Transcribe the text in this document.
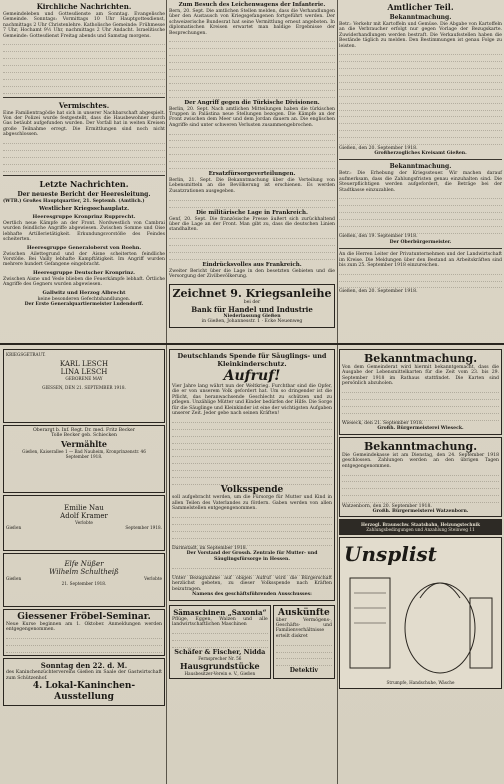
Kirchliche Nachrichten.
Gemeindeleben und Gottesdienste am Sonntag. Evangelische Gemeinde. Sonntags: Vormittags 10 Uhr Hauptgottesdienst, nachmittags 2 Uhr Christenlehre. Katholische Gemeinde: Frühmesse 7 Uhr, Hochamt 9½ Uhr, nachmittags 2 Uhr Andacht. Israelitische Gemeinde: Gottesdienst Freitag abends und Samstag morgens.
Vermischtes.
Eine Familientragödie hat sich in unserer Nachbarschaft abgespielt. Von der Polizei wurde festgestellt, dass die Hausbewohner durch Gas betäubt aufgefunden wurden. Der Vorfall hat in weiten Kreisen große Teilnahme erregt. Die Ermittlungen sind noch nicht abgeschlossen.
Letzte Nachrichten.
Der neueste Bericht der Heeresleitung.
(WTB.) Großes Hauptquartier, 21. Septemb. (Amtlich.)
Westlicher Kriegsschauplatz.
Heeresgruppe Kronprinz Rupprecht.
Oertlich neue Kämpfe an der Front. Nordwestlich von Cambrai wurden feindliche Angriffe abgewiesen. Zwischen Somme und Oise lebhafte Artillerietätigkeit. Erkundungsvorstöße des Feindes scheiterten.
Heeresgruppe Generaloberst von Boehn.
Zwischen Ailettegrund und der Aisne scheiterten feindliche Vorstöße. Bei Vailly lebhafte Kampftätigkeit. Im Angriff wurden mehrere hundert Gefangene eingebracht.
Heeresgruppe Deutscher Kronprinz.
Zwischen Aisne und Vesle blieben die Feuerkämpfe lebhaft. Örtliche Angriffe des Gegners wurden abgewiesen.
Gallwitz und Herzog Albrecht
keine besonderen Gefechtshandlungen.
Der Erste Generalquartiermeister Ludendorff.
Zum Besuch des Leichenwagens der Infanterie.
Bern, 20. Sept. Die amtlichen Stellen melden, dass die Verhandlungen über den Austausch von Kriegsgefangenen fortgeführt werden. Der schweizerische Bundesrat hat seine Vermittlung erneut angeboten. In diplomatischen Kreisen erwartet man baldige Ergebnisse der Besprechungen.
Der Angriff gegen die Türkische Divisionen.
Berlin, 20. Sept. Nach amtlichen Mitteilungen haben die türkischen Truppen in Palästina neue Stellungen bezogen. Die Kämpfe an der Front zwischen dem Meer und dem Jordan dauern an. Die englischen Angriffe sind unter schweren Verlusten zusammengebrochen.
Ersatzfürsorgeverteilungen.
Berlin, 21. Sept. Die Bekanntmachung über die Verteilung von Lebensmitteln an die Bevölkerung ist erschienen. Es werden Zusatzrationen ausgegeben.
Die militärische Lage in Frankreich.
Genf, 20. Sept. Die französische Presse äußert sich zurückhaltend über die Lage an der Front. Man gibt zu, dass die deutschen Linien standhalten.
Eindrücksvolles aus Frankreich.
Zweiter Bericht über die Lage in den besetzten Gebieten und die Versorgung der Zivilbevölkerung.
Zeichnet 9. Kriegsanleihe
bei der
Bank für Handel und Industrie
Niederlassung Gießen
in Gießen, Johannesstr. 1 · Ecke Neuenweg
Amtlicher Teil.
Bekanntmachung.
Betr.: Verkehr mit Kartoffeln und Gemüse. Die Abgabe von Kartoffeln an die Verbraucher erfolgt nur gegen Vorlage der Bezugskarte. Zuwiderhandlungen werden bestraft. Die Verkaufsstellen haben die Bestände täglich zu melden. Den Bestimmungen ist genau Folge zu leisten.
Gießen, den 20. September 1918.
Großherzogliches Kreisamt Gießen.
Bekanntmachung.
Betr.: Die Erhebung der Kriegssteuer. Wir machen darauf aufmerksam, dass die Zahlungsfristen genau einzuhalten sind. Die Steuerpflichtigen werden aufgefordert, die Beträge bei der Stadtkasse einzuzahlen.
Gießen, den 19. September 1918.
Der Oberbürgermeister.
An die Herren Leiter der Privatunternehmen und der Landwirtschaft im Kreise. Die Meldungen über den Bestand an Arbeitskräften sind bis zum 25. September 1918 einzureichen.
Gießen, den 20. September 1918.
KRIEGSGETRAUT.
KARL LESCH
LINA LESCH
GEBORENE MAY
GIESSEN, DEN 21. SEPTEMBER 1918.
Oberargt b. Inf. Regt. Dr. med. Fritz Becker
Tolle Becker geb. Schiecken
Vermählte
Gießen, Kaiserallee 1 — Bad Nauheim, Kronprinzenstr. 46
September 1918.
Emilie Nau
Adolf Kramer
Verlobte
Gießen	September 1918.
Elfe Nüßer
Wilhelm Schultheiß
Gießen	Verlobte
21. September 1918.
Giessener Fröbel-Seminar.
Neue Kurse beginnen am 1. Oktober. Anmeldungen werden entgegengenommen.
Sonntag den 22. d. M.
des Kaninchenzüchtervereins Gießen im Saale der Gastwirtschaft zum Schützenhof.
4. Lokal-Kaninchen-Ausstellung
Deutschlands Spende für Säuglings- und Kleinkinderschutz.
Aufruf!
Vier Jahre lang währt nun der Weltkrieg. Furchtbar sind die Opfer, die er von unserem Volk gefordert hat. Um so dringender ist die Pflicht, das heranwachsende Geschlecht zu schützen und zu pflegen. Unzählige Mütter und Kinder bedürfen der Hilfe. Die Sorge für die Säuglinge und Kleinkinder ist eine der wichtigsten Aufgaben unserer Zeit. Jeder gebe nach seinen Kräften!
Volksspende
soll aufgebracht werden, um die Fürsorge für Mutter und Kind in allen Teilen des Vaterlandes zu fördern. Gaben werden von allen Sammelstellen entgegengenommen.
Darmstadt, im September 1918.
Der Vorstand der Grossh. Zentrale für Mutter- und Säuglingsfürsorge in Hessen.
Unter Bezugnahme auf obigen Aufruf wird die Bürgerschaft herzlichst gebeten, zu dieser Volksspende nach Kräften beizutragen.
Namens des geschäftsführenden Ausschusses:
Sämaschinen „Saxonia“
Pflüge, Eggen, Walzen und alle landwirtschaftlichen Maschinen
Schäfer & Fischer, Nidda
Fernsprecher Nr. 56
Hausgrundstücke
Hausbesitzer-Verein e. V., Gießen
Auskünfte
über Vermögens-, Geschäfts- und Familienverhältnisse erteilt diskret
Detektiv
Bekanntmachung.
Von dem Gemeinderat wird hiermit bekanntgemacht, dass die Ausgabe der Lebensmittelkarten für die Zeit vom 23. bis 29. September 1918 im Rathaus stattfindet. Die Karten sind persönlich abzuholen.
Wieseck, den 21. September 1918.
Großh. Bürgermeisterei Wieseck.
Bekanntmachung.
Die Gemeindekasse ist am Dienstag, den 24. September 1918 geschlossen. Zahlungen werden an den übrigen Tagen entgegengenommen.
Watzenborn, den 20. September 1918.
Großh. Bürgermeisterei Watzenborn.
Herzogl. Braunschw. Staatsbahn, Heizungstechnik
Zahlungsbedingungen und Anzahlung Steinweg 11
Unsplist
Strumpfe, Handschuhe, Wäsche
